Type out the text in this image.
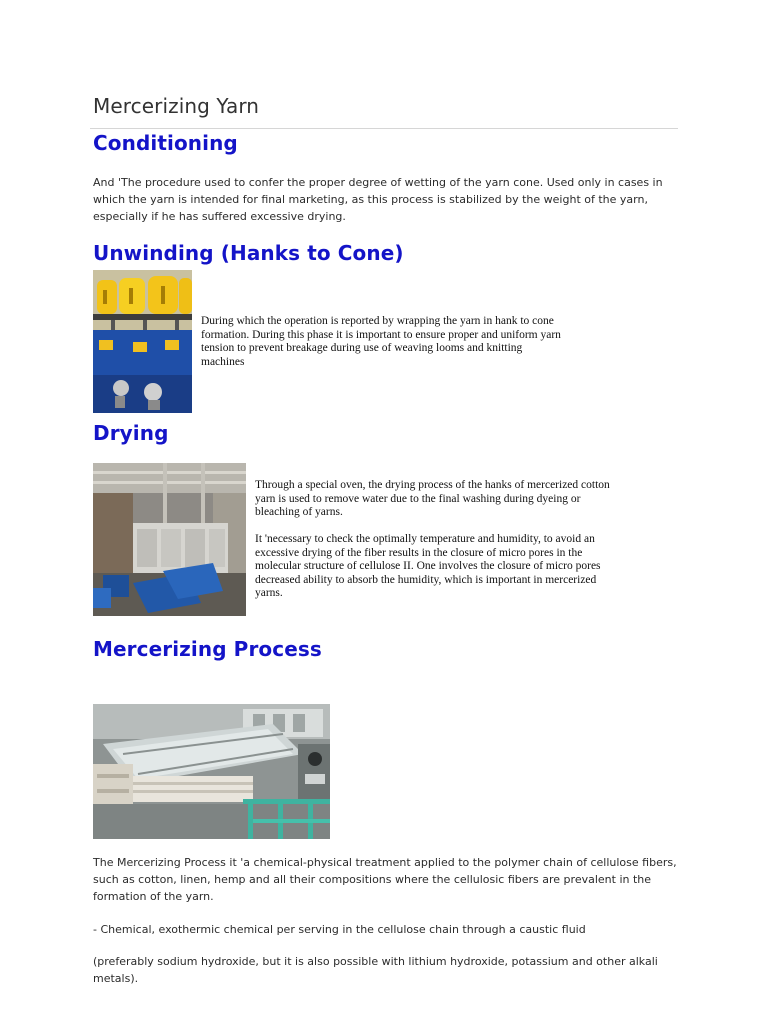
Mercerizing Yarn
Conditioning

And 'The procedure used to confer the proper degree of wetting of the yarn cone. Used only in cases in which the yarn is intended for final marketing, as this process is stabilized by the weight of the yarn, especially if he has suffered excessive drying.

Unwinding (Hanks to Cone)

During which the operation is reported by wrapping the yarn in hank to cone formation. During this phase it is important to ensure proper and uniform yarn tension to prevent breakage during use of weaving looms and knitting machines

Drying

Through a special oven, the drying process of the hanks of mercerized cotton yarn is used to remove water due to the final washing during dyeing or bleaching of yarns.

It 'necessary to check the optimally temperature and humidity, to avoid an excessive drying of the fiber results in the closure of micro pores in the molecular structure of cellulose II. One involves the closure of micro pores decreased ability to absorb the humidity, which is important in mercerized yarns.

Mercerizing Process

The Mercerizing Process it 'a chemical-physical treatment applied to the polymer chain of cellulose fibers, such as cotton, linen, hemp and all their compositions where the cellulosic fibers are prevalent in the formation of the yarn.

- Chemical, exothermic chemical per serving in the cellulose chain through a caustic fluid

(preferably sodium hydroxide, but it is also possible with lithium hydroxide, potassium and other alkali metals).
